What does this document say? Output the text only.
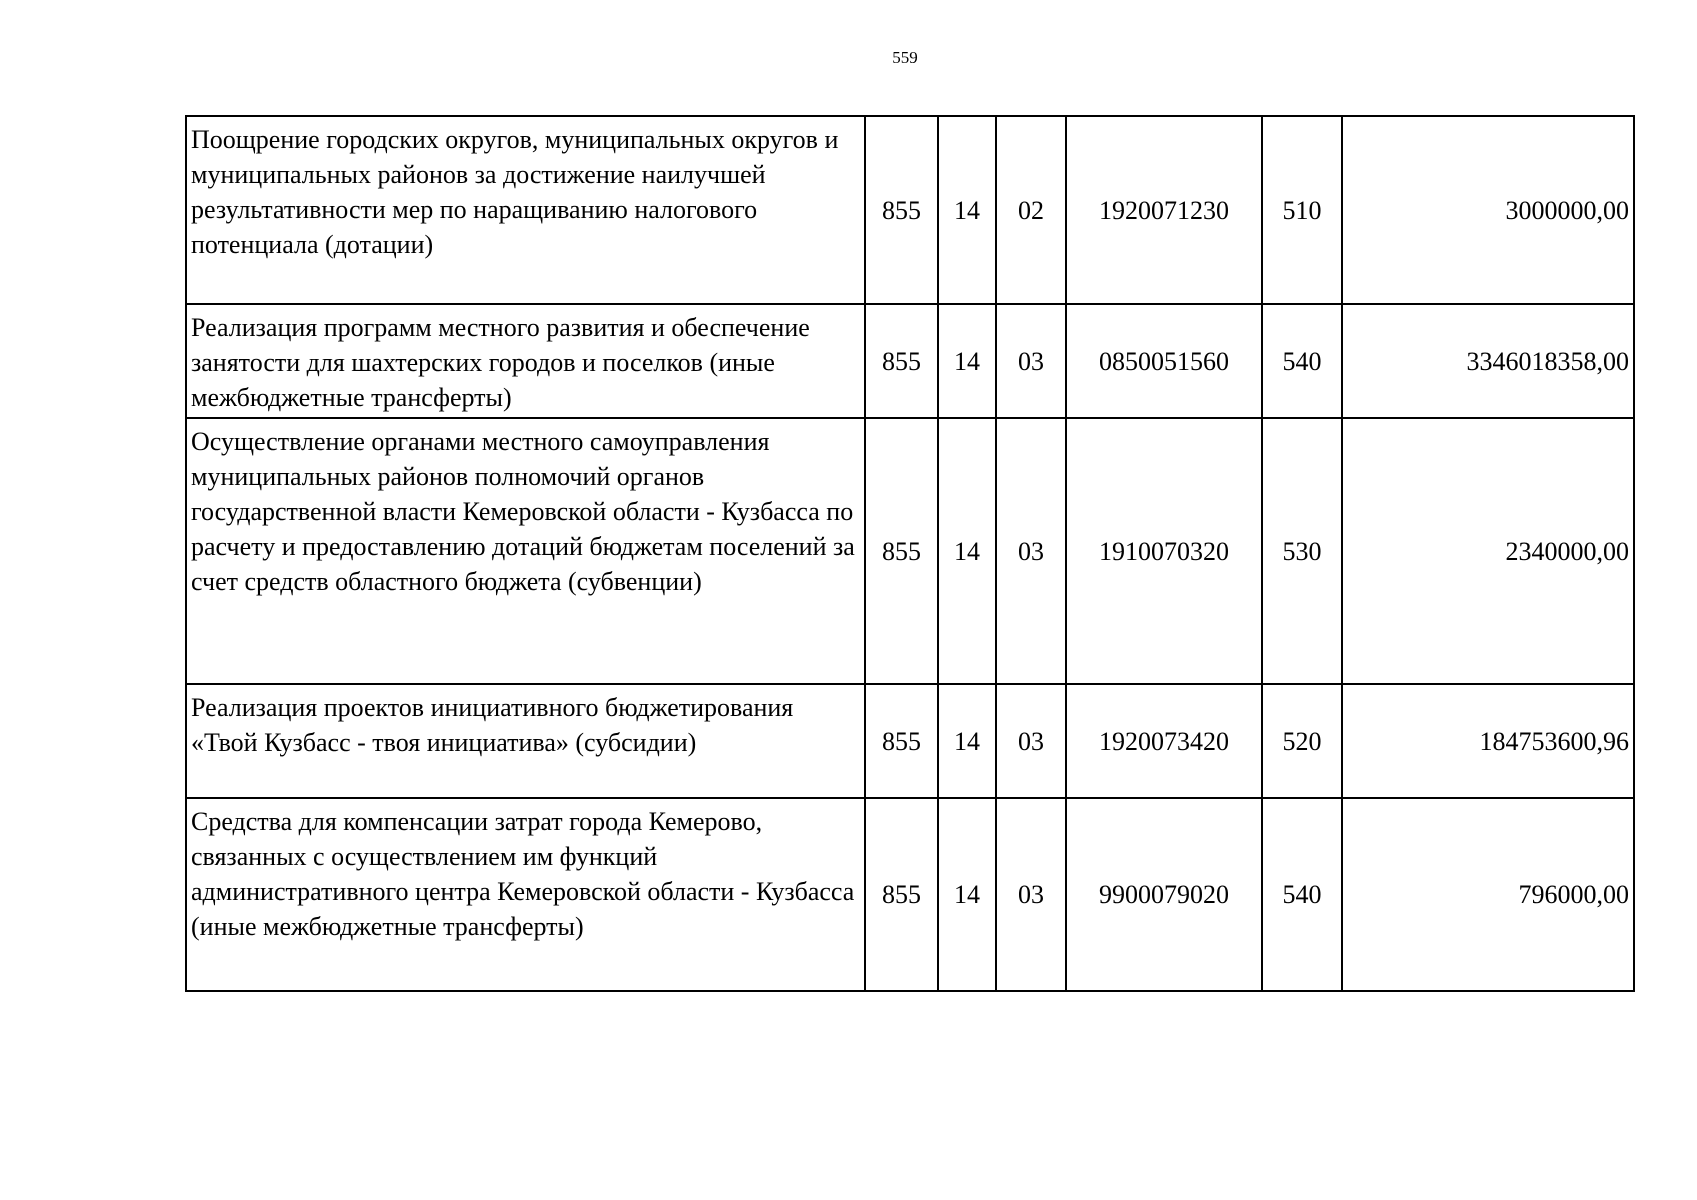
559
Поощрение городских округов, муниципальных округов и муниципальных районов за достижение наилучшей результативности мер по наращиванию налогового потенциала (дотации)	855	14	02	1920071230	510	3000000,00
Реализация программ местного развития и обеспечение занятости для шахтерских городов и поселков (иные межбюджетные трансферты)	855	14	03	0850051560	540	3346018358,00
Осуществление органами местного самоуправления муниципальных районов полномочий органов государственной власти Кемеровской области - Кузбасса по расчету и предоставлению дотаций бюджетам поселений за счет средств областного бюджета (субвенции)	855	14	03	1910070320	530	2340000,00
Реализация проектов инициативного бюджетирования «Твой Кузбасс - твоя инициатива» (субсидии)	855	14	03	1920073420	520	184753600,96
Средства для компенсации затрат города Кемерово, связанных с осуществлением им функций административного центра Кемеровской области - Кузбасса (иные межбюджетные трансферты)	855	14	03	9900079020	540	796000,00
